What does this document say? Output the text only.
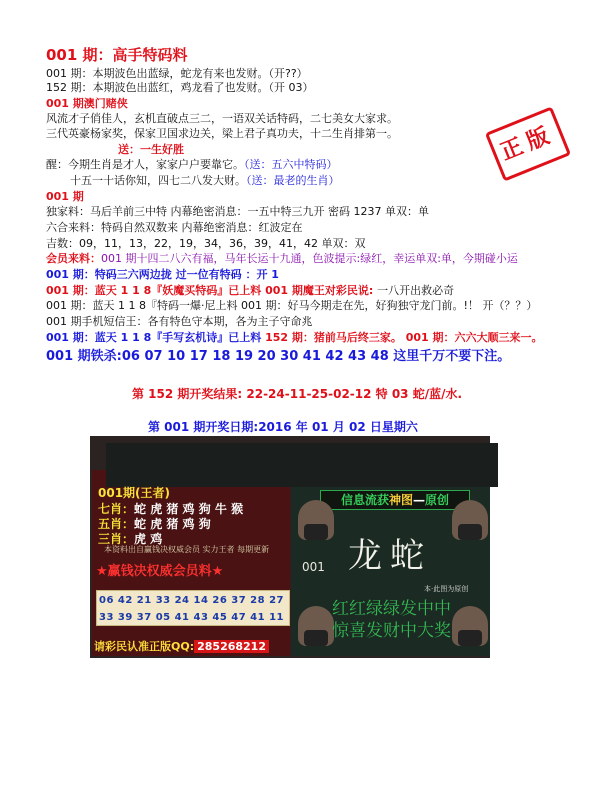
001 期：高手特码料
001 期：本期波色出蓝绿，蛇龙有来也发财。（开??）
152 期：本期波色出蓝红，鸡龙看了也发财。（开 03）
001 期澳门赌侠
风流才子俏佳人，玄机直破点三二，一语双关话特码，二七美女大家求。
三代英豪杨家奖，保家卫国求边关，梁上君子真功夫，十二生肖排第一。	正版
送：一生好胜
醒：今期生肖是才人，家家户户要靠它。（送：五六中特码）
十五一十话你知，四七二八发大财。（送：最老的生肖）
001 期
独家料：马后羊前三中特 内幕绝密消息：一五中特三九开 密码 1237 单双：单
六合来料：特码自然双数来 内幕绝密消息：红波定在
吉数：09，11，13，22，19，34，36，39，41，42 单双：双
会员来料：001 期十四二八六有福，马年长运十九通，色波提示:绿红，幸运单双:单，今期碰小运
001 期：特码三六两边拢 过一位有特码 ：开 1
001 期：蓝天 1 1 8『妖魔买特码』已上料 001 期魔王对彩民说: 一八开出救必奇
001 期：蓝天 1 1 8『特码一爆·尼上料 001 期：好马今期走在先，好狗独守龙门前。!！ 开（？？）
001 期手机短信王：各有特色守本期，各为主子守命兆
001 期：蓝天 1 1 8『手写玄机诗』已上料 152 期：猪前马后终三家。 001 期：六六大顺三来一。
001 期铁杀:06 07 10 17 18 19 20 30 41 42 43 48 这里千万不要下注。
第 152 期开奖结果: 22-24-11-25-02-12 特 03 蛇/蓝/水.
第 001 期开奖日期:2016 年 01 月 02 日星期六
001期(王者)
七肖：蛇 虎 猪 鸡 狗 牛 猴
五肖：蛇 虎 猪 鸡 狗
三肖：虎 鸡
本资料出自赢钱决权威会员 实力王者 每期更新
★赢钱决权威会员料★
06 42 21 33 24 14 26 37 28 27
33 39 37 05 41 43 45 47 41 11
请彩民认准正版QQ: 285268212
信息流获神图—原创
龙蛇
001
本·此图为原创
红红绿绿发中中
惊喜发财中大奖
